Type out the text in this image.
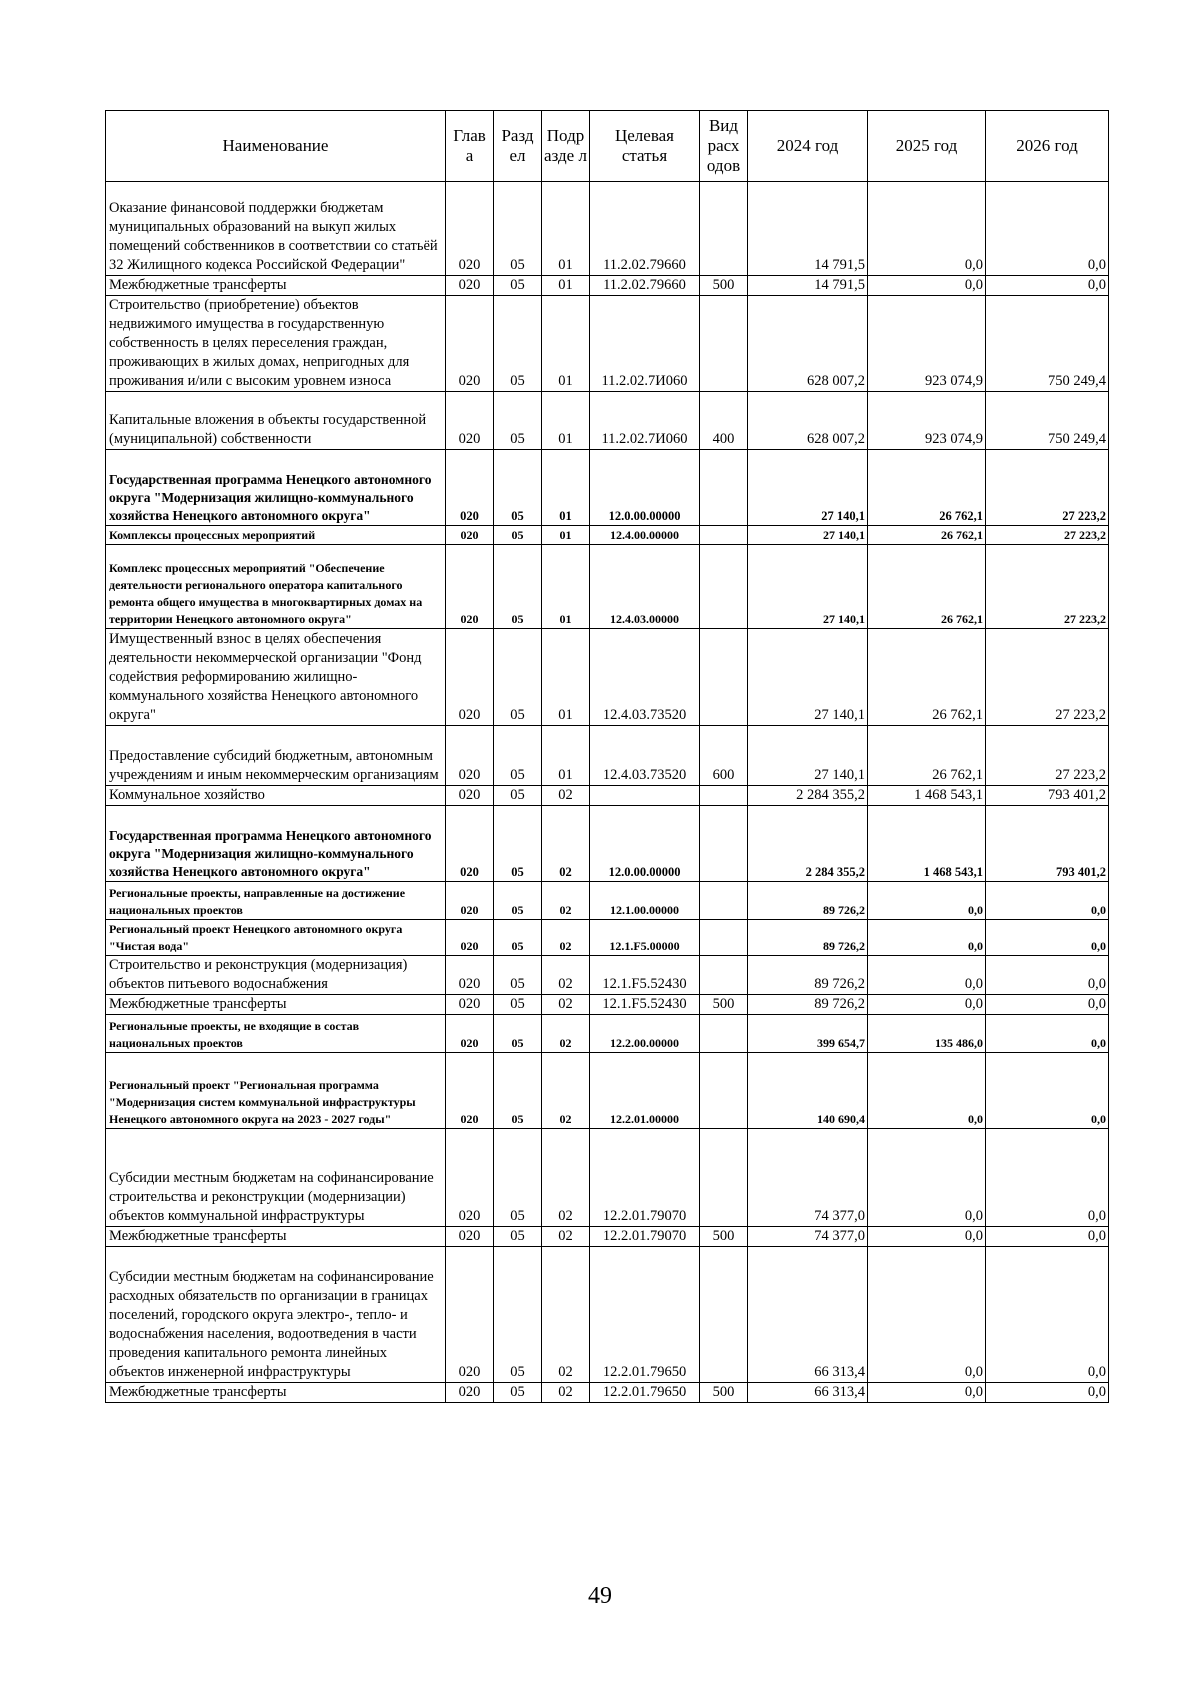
Наименование	Глав а	Разд ел	Подр азде л	Целевая статья	Вид расх одов	2024 год	2025 год	2026 год
Оказание финансовой поддержки бюджетам муниципальных образований на выкуп жилых помещений собственников в соответствии со статьёй 32 Жилищного кодекса Российской Федерации"	020	05	01	11.2.02.79660		14 791,5	0,0	0,0
Межбюджетные трансферты	020	05	01	11.2.02.79660	500	14 791,5	0,0	0,0
Строительство (приобретение) объектов недвижимого имущества в государственную собственность в целях переселения граждан, проживающих в жилых домах, непригодных для проживания и/или с высоким уровнем износа	020	05	01	11.2.02.7И060		628 007,2	923 074,9	750 249,4
Капитальные вложения в объекты государственной (муниципальной) собственности	020	05	01	11.2.02.7И060	400	628 007,2	923 074,9	750 249,4
Государственная программа Ненецкого автономного округа "Модернизация жилищно-коммунального хозяйства Ненецкого автономного округа"	020	05	01	12.0.00.00000		27 140,1	26 762,1	27 223,2
Комплексы процессных мероприятий	020	05	01	12.4.00.00000		27 140,1	26 762,1	27 223,2
Комплекс процессных мероприятий "Обеспечение деятельности регионального оператора капитального ремонта общего имущества в многоквартирных домах на территории Ненецкого автономного округа"	020	05	01	12.4.03.00000		27 140,1	26 762,1	27 223,2
Имущественный взнос в целях обеспечения деятельности некоммерческой организации "Фонд содействия реформированию жилищно-коммунального хозяйства Ненецкого автономного округа"	020	05	01	12.4.03.73520		27 140,1	26 762,1	27 223,2
Предоставление субсидий бюджетным, автономным учреждениям и иным некоммерческим организациям	020	05	01	12.4.03.73520	600	27 140,1	26 762,1	27 223,2
Коммунальное хозяйство	020	05	02			2 284 355,2	1 468 543,1	793 401,2
Государственная программа Ненецкого автономного округа "Модернизация жилищно-коммунального хозяйства Ненецкого автономного округа"	020	05	02	12.0.00.00000		2 284 355,2	1 468 543,1	793 401,2
Региональные проекты, направленные на достижение национальных проектов	020	05	02	12.1.00.00000		89 726,2	0,0	0,0
Региональный проект Ненецкого автономного округа "Чистая вода"	020	05	02	12.1.F5.00000		89 726,2	0,0	0,0
Строительство и реконструкция (модернизация) объектов питьевого водоснабжения	020	05	02	12.1.F5.52430		89 726,2	0,0	0,0
Межбюджетные трансферты	020	05	02	12.1.F5.52430	500	89 726,2	0,0	0,0
Региональные проекты, не входящие в состав национальных проектов	020	05	02	12.2.00.00000		399 654,7	135 486,0	0,0
Региональный проект "Региональная программа "Модернизация систем коммунальной инфраструктуры Ненецкого автономного округа на 2023 - 2027 годы"	020	05	02	12.2.01.00000		140 690,4	0,0	0,0
Субсидии местным бюджетам на софинансирование строительства и реконструкции (модернизации) объектов коммунальной инфраструктуры	020	05	02	12.2.01.79070		74 377,0	0,0	0,0
Межбюджетные трансферты	020	05	02	12.2.01.79070	500	74 377,0	0,0	0,0
Субсидии местным бюджетам на софинансирование расходных обязательств по организации в границах поселений, городского округа электро-, тепло- и водоснабжения населения, водоотведения в части проведения капитального ремонта линейных объектов инженерной инфраструктуры	020	05	02	12.2.01.79650		66 313,4	0,0	0,0
Межбюджетные трансферты	020	05	02	12.2.01.79650	500	66 313,4	0,0	0,0
49
